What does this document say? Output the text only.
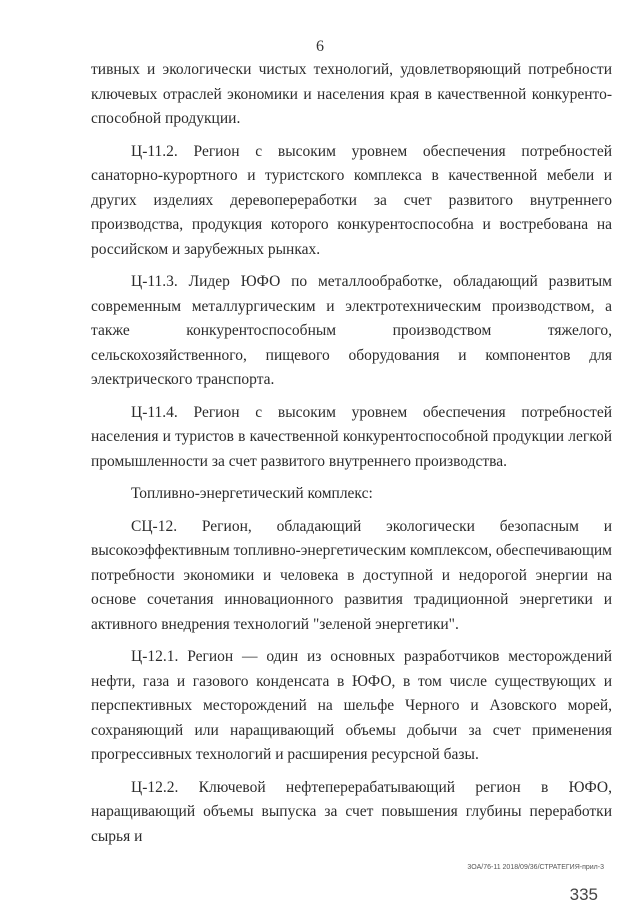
6

тивных и экологически чистых технологий, удовлетворяющий потребности ключевых отраслей экономики и населения края в качественной конкуренто-способной продукции.

Ц-11.2. Регион с высоким уровнем обеспечения потребностей санаторно-курортного и туристского комплекса в качественной мебели и других изделиях деревопереработки за счет развитого внутреннего производства, продукция которого конкурентоспособна и востребована на российском и зарубежных рынках.

Ц-11.3. Лидер ЮФО по металлообработке, обладающий развитым современным металлургическим и электротехническим производством, а также конкурентоспособным производством тяжелого, сельскохозяйственного, пищевого оборудования и компонентов для электрического транспорта.

Ц-11.4. Регион с высоким уровнем обеспечения потребностей населения и туристов в качественной конкурентоспособной продукции легкой промышленности за счет развитого внутреннего производства.

Топливно-энергетический комплекс:

СЦ-12. Регион, обладающий экологически безопасным и высокоэффективным топливно-энергетическим комплексом, обеспечивающим потребности экономики и человека в доступной и недорогой энергии на основе сочетания инновационного развития традиционной энергетики и активного внедрения технологий "зеленой энергетики".

Ц-12.1. Регион — один из основных разработчиков месторождений нефти, газа и газового конденсата в ЮФО, в том числе существующих и перспективных месторождений на шельфе Черного и Азовского морей, сохраняющий или наращивающий объемы добычи за счет применения прогрессивных технологий и расширения ресурсной базы.

Ц-12.2. Ключевой нефтеперерабатывающий регион в ЮФО, наращивающий объемы выпуска за счет повышения глубины переработки сырья и

3ОА/76-11 2018/09/36/СТРАТЕГИЯ-прил-3
335
